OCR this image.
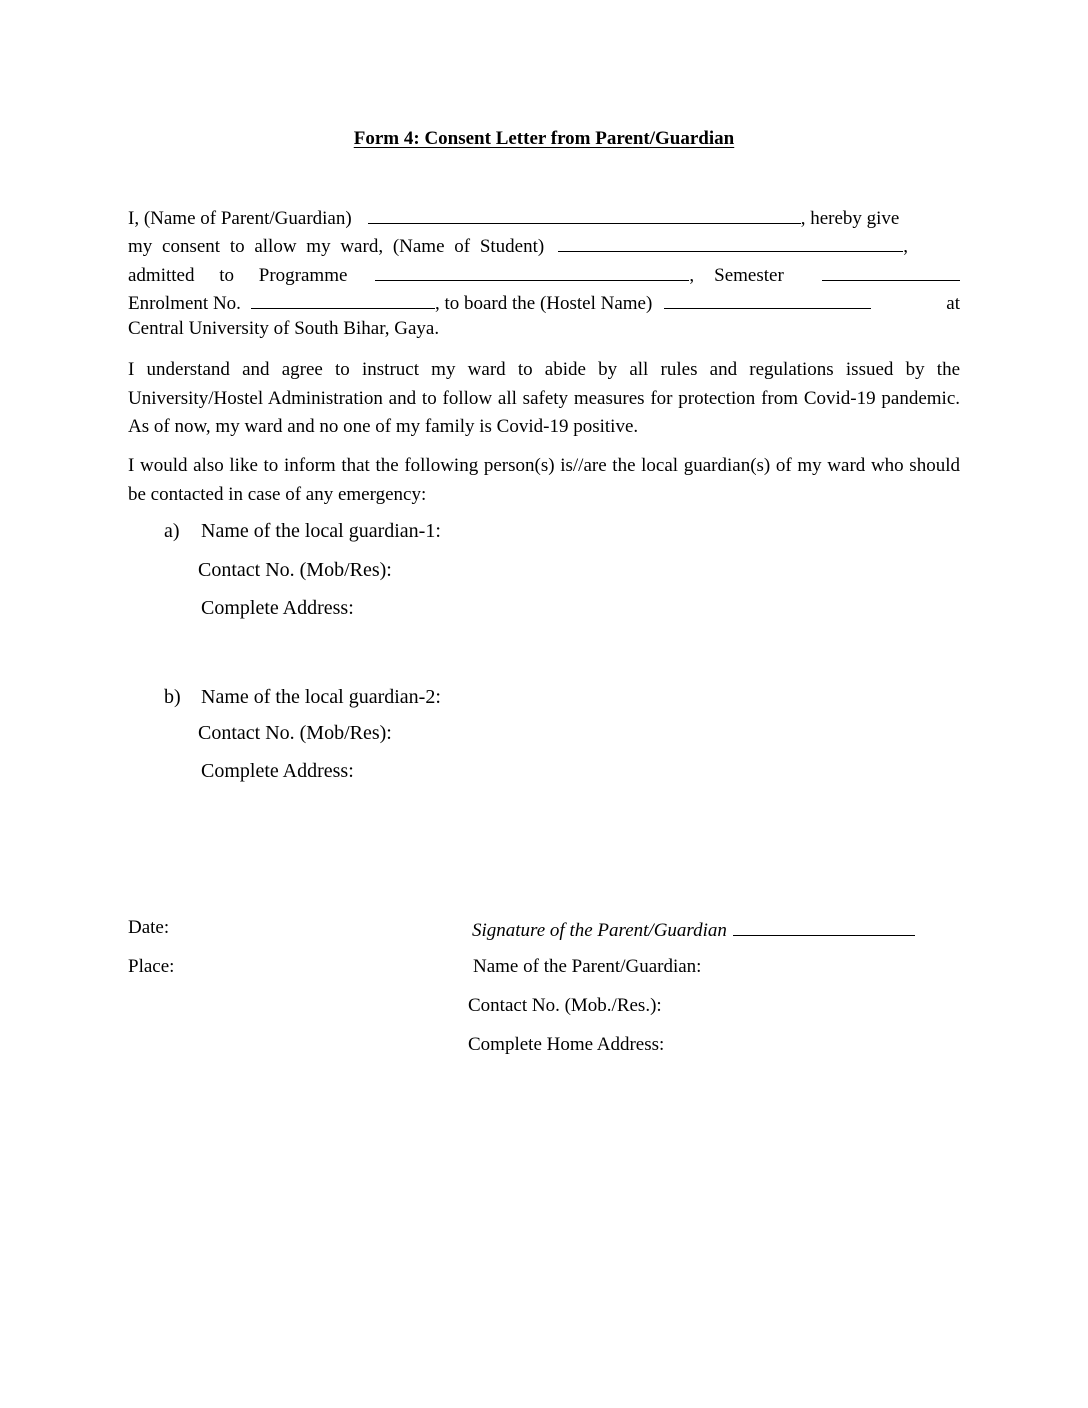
Form 4: Consent Letter from Parent/Guardian
I, (Name of Parent/Guardian)	, hereby give
my consent to allow my ward, (Name of Student)	,
admitted to Programme	, Semester
Enrolment No.	, to board the (Hostel Name)	at
Central University of South Bihar, Gaya.
I understand and agree to instruct my ward to abide by all rules and regulations issued by the University/Hostel Administration and to follow all safety measures for protection from Covid-19 pandemic. As of now, my ward and no one of my family is Covid-19 positive.
I would also like to inform that the following person(s) is//are the local guardian(s) of my ward who should be contacted in case of any emergency:
a) Name of the local guardian-1:
Contact No. (Mob/Res):
Complete Address:
b) Name of the local guardian-2:
Contact No. (Mob/Res):
Complete Address:
Date:
Place:
Signature of the Parent/Guardian
Name of the Parent/Guardian:
Contact No. (Mob./Res.):
Complete Home Address:
